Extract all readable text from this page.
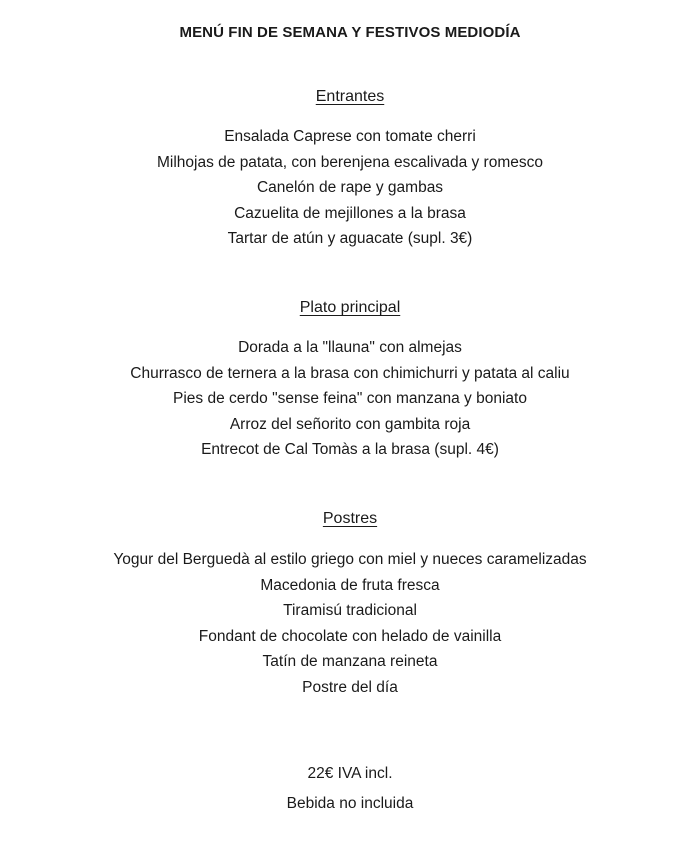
MENÚ FIN DE SEMANA Y FESTIVOS MEDIODÍA
Entrantes
Ensalada Caprese con tomate cherri
Milhojas de patata, con berenjena escalivada y romesco
Canelón de rape y gambas
Cazuelita de mejillones a la brasa
Tartar de atún y aguacate (supl. 3€)
Plato principal
Dorada a la "llauna" con almejas
Churrasco de ternera a la brasa con chimichurri y patata al caliu
Pies de cerdo "sense feina" con manzana y boniato
Arroz del señorito con gambita roja
Entrecot de Cal Tomàs a la brasa (supl. 4€)
Postres
Yogur del Berguedà al estilo griego con miel y nueces caramelizadas
Macedonia de fruta fresca
Tiramisú tradicional
Fondant de chocolate con helado de vainilla
Tatín de manzana reineta
Postre del día
22€ IVA incl.
Bebida no incluida
